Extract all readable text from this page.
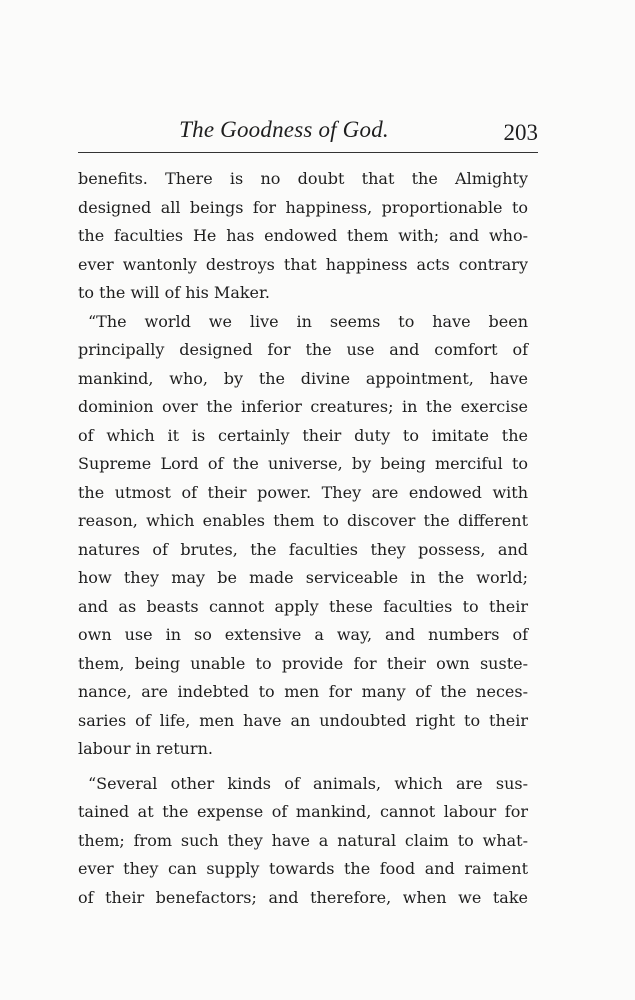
The Goodness of God.	203
benefits. There is no doubt that the Almighty
designed all beings for happiness, proportionable to
the faculties He has endowed them with; and who-
ever wantonly destroys that happiness acts contrary
to the will of his Maker.
“The world we live in seems to have been
principally designed for the use and comfort of
mankind, who, by the divine appointment, have
dominion over the inferior creatures; in the exercise
of which it is certainly their duty to imitate the
Supreme Lord of the universe, by being merciful to
the utmost of their power. They are endowed with
reason, which enables them to discover the different
natures of brutes, the faculties they possess, and
how they may be made serviceable in the world;
and as beasts cannot apply these faculties to their
own use in so extensive a way, and numbers of
them, being unable to provide for their own suste-
nance, are indebted to men for many of the neces-
saries of life, men have an undoubted right to their
labour in return.
“Several other kinds of animals, which are sus-
tained at the expense of mankind, cannot labour for
them; from such they have a natural claim to what-
ever they can supply towards the food and raiment
of their benefactors; and therefore, when we take
